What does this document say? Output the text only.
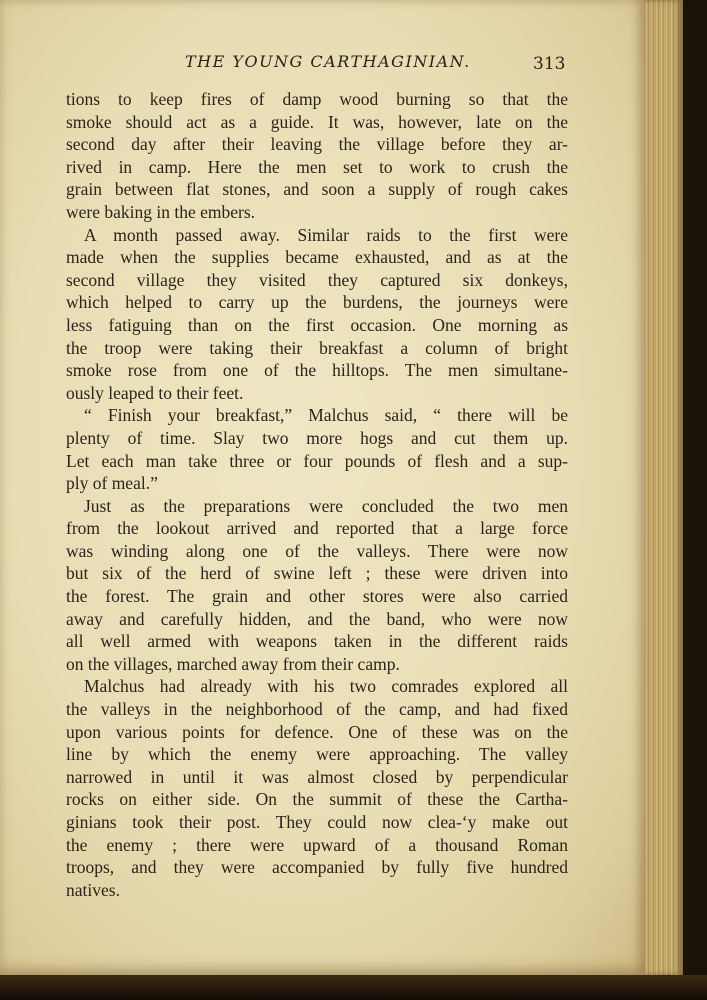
THE YOUNG CARTHAGINIAN.	313
tions to keep fires of damp wood burning so that the
smoke should act as a guide. It was, however, late on the
second day after their leaving the village before they ar-
rived in camp. Here the men set to work to crush the
grain between flat stones, and soon a supply of rough cakes
were baking in the embers.
A month passed away. Similar raids to the first were
made when the supplies became exhausted, and as at the
second village they visited they captured six donkeys,
which helped to carry up the burdens, the journeys were
less fatiguing than on the first occasion. One morning as
the troop were taking their breakfast a column of bright
smoke rose from one of the hilltops. The men simultane-
ously leaped to their feet.
“ Finish your breakfast,” Malchus said, “ there will be
plenty of time. Slay two more hogs and cut them up.
Let each man take three or four pounds of flesh and a sup-
ply of meal.”
Just as the preparations were concluded the two men
from the lookout arrived and reported that a large force
was winding along one of the valleys. There were now
but six of the herd of swine left ; these were driven into
the forest. The grain and other stores were also carried
away and carefully hidden, and the band, who were now
all well armed with weapons taken in the different raids
on the villages, marched away from their camp.
Malchus had already with his two comrades explored all
the valleys in the neighborhood of the camp, and had fixed
upon various points for defence. One of these was on the
line by which the enemy were approaching. The valley
narrowed in until it was almost closed by perpendicular
rocks on either side. On the summit of these the Cartha-
ginians took their post. They could now clea‑‘y make out
the enemy ; there were upward of a thousand Roman
troops, and they were accompanied by fully five hundred
natives.
